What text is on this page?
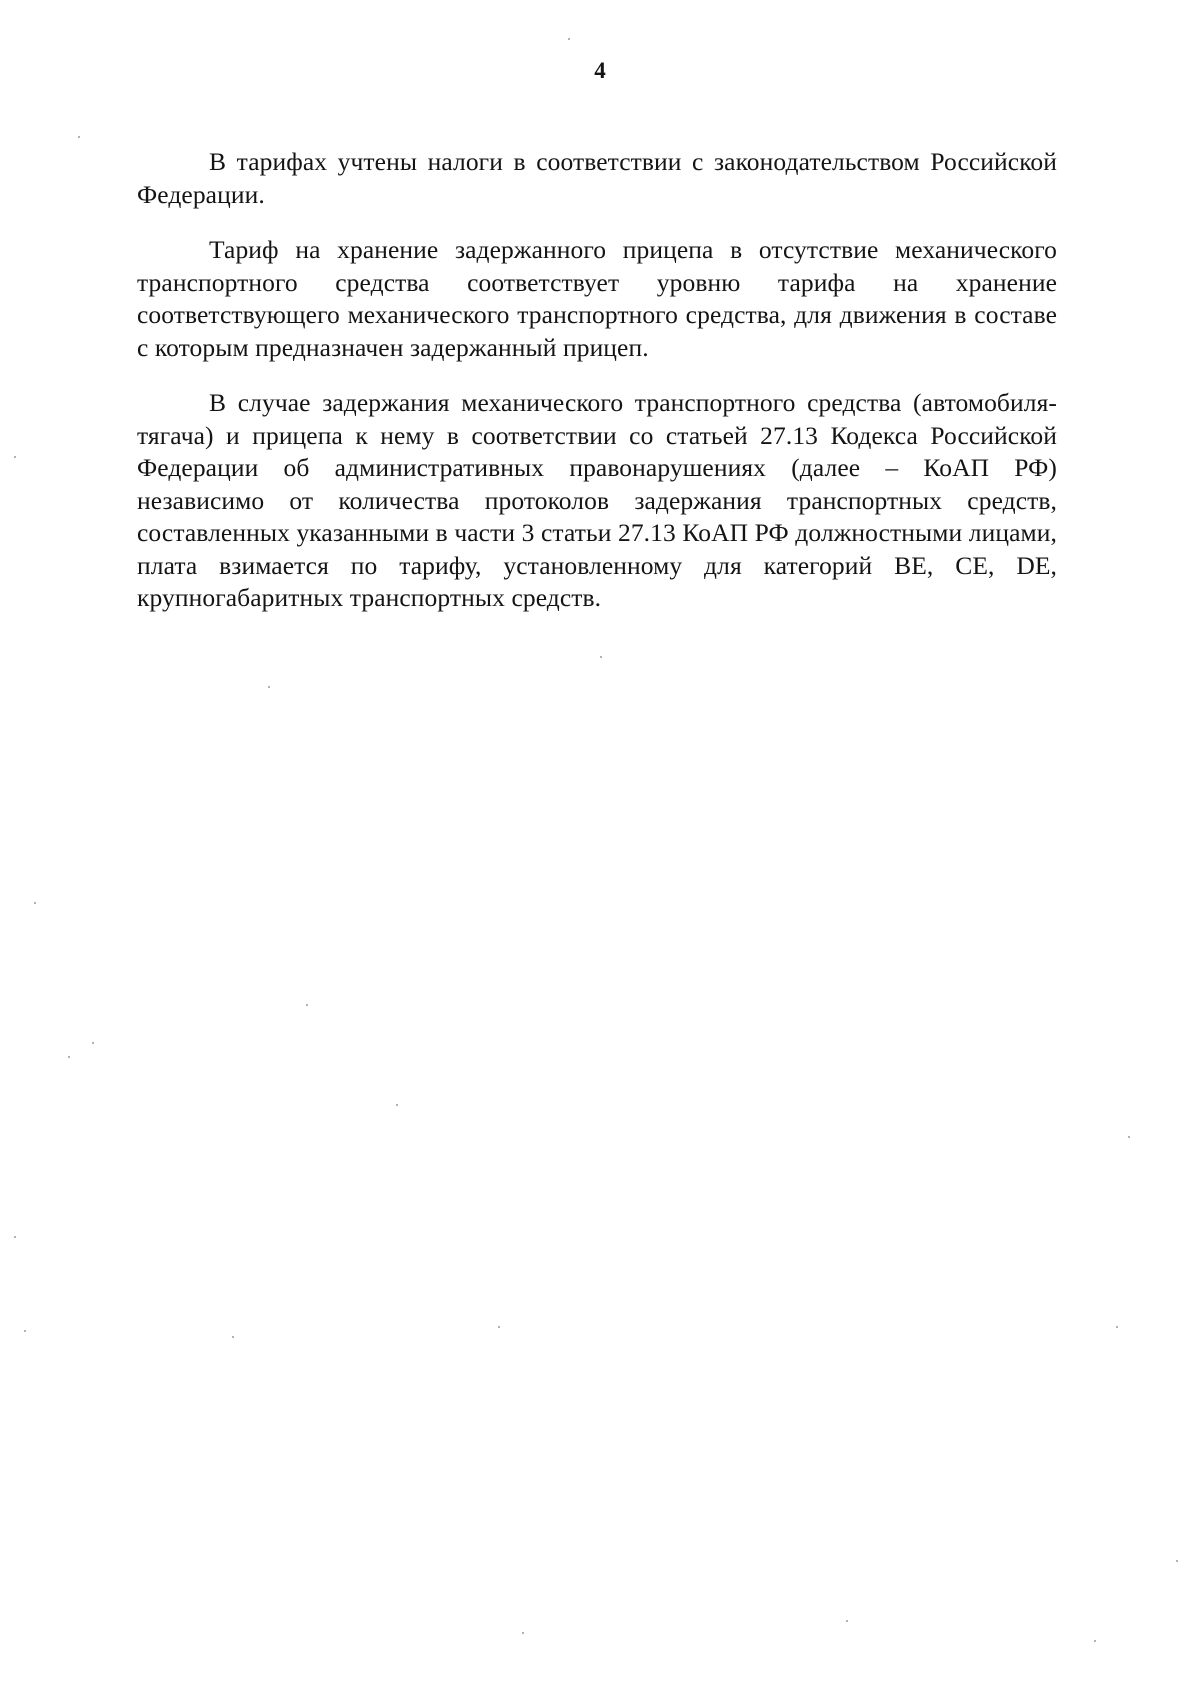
4

В тарифах учтены налоги в соответствии с законодательством Российской Федерации.

Тариф на хранение задержанного прицепа в отсутствие механического транспортного средства соответствует уровню тарифа на хранение соответствующего механического транспортного средства, для движения в составе с которым предназначен задержанный прицеп.

В случае задержания механического транспортного средства (автомобиля-тягача) и прицепа к нему в соответствии со статьей 27.13 Кодекса Российской Федерации об административных правонарушениях (далее – КоАП РФ) независимо от количества протоколов задержания транспортных средств, составленных указанными в части 3 статьи 27.13 КоАП РФ должностными лицами, плата взимается по тарифу, установленному для категорий BE, CE, DE, крупногабаритных транспортных средств.
